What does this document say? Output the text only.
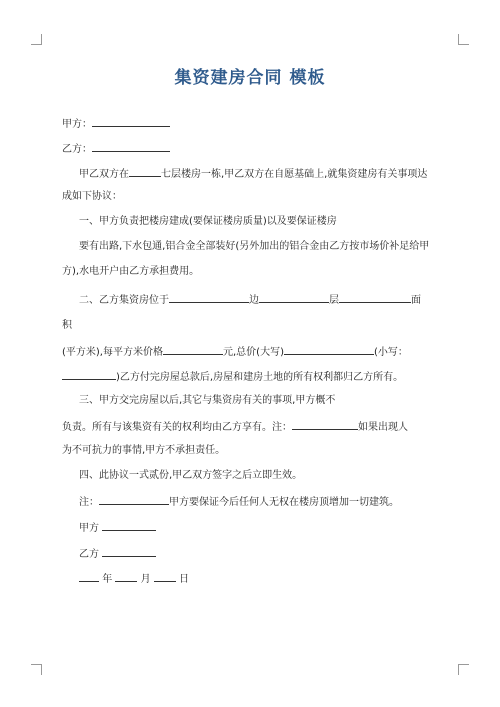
集资建房合同 模板
甲方：
乙方：
甲乙双方在	七层楼房一栋,甲乙双方在自愿基础上,就集资建房有关事项达
成如下协议：
一、甲方负责把楼房建成(要保证楼房质量)以及要保证楼房
要有出路,下水包通,铝合金全部装好(另外加出的铝合金由乙方按市场价补足给甲
方),水电开户由乙方承担费用。
二、乙方集资房位于	边	层	面
积
(平方米),每平方米价格	元,总价(大写)	(小写：
)乙方付完房屋总款后,房屋和建房土地的所有权利都归乙方所有。
三、甲方交完房屋以后,其它与集资房有关的事项,甲方概不
负责。所有与该集资有关的权利均由乙方享有。注：	如果出现人
为不可抗力的事情,甲方不承担责任。
四、此协议一式贰份,甲乙双方签字之后立即生效。
注：	甲方要保证今后任何人无权在楼房顶增加一切建筑。
甲方
乙方
年	月	日
